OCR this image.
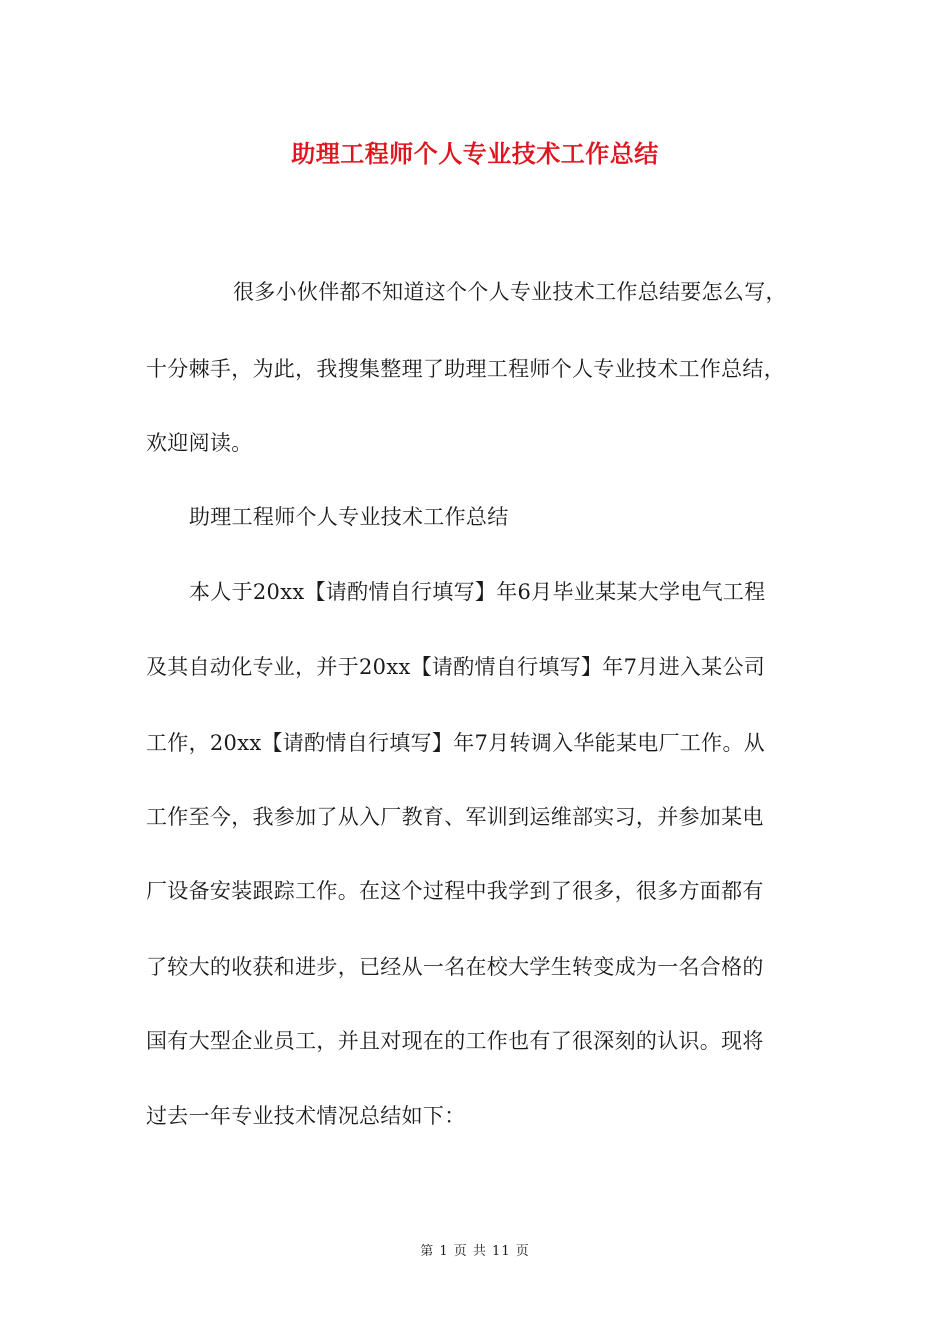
助理工程师个人专业技术工作总结
很多小伙伴都不知道这个个人专业技术工作总结要怎么写，
十分棘手，为此，我搜集整理了助理工程师个人专业技术工作总结，
欢迎阅读。
助理工程师个人专业技术工作总结
本人于20xx【请酌情自行填写】年6月毕业某某大学电气工程
及其自动化专业，并于20xx【请酌情自行填写】年7月进入某公司
工作，20xx【请酌情自行填写】年7月转调入华能某电厂工作。从
工作至今，我参加了从入厂教育、军训到运维部实习，并参加某电
厂设备安装跟踪工作。在这个过程中我学到了很多，很多方面都有
了较大的收获和进步，已经从一名在校大学生转变成为一名合格的
国有大型企业员工，并且对现在的工作也有了很深刻的认识。现将
过去一年专业技术情况总结如下：
第 1 页 共 11 页
